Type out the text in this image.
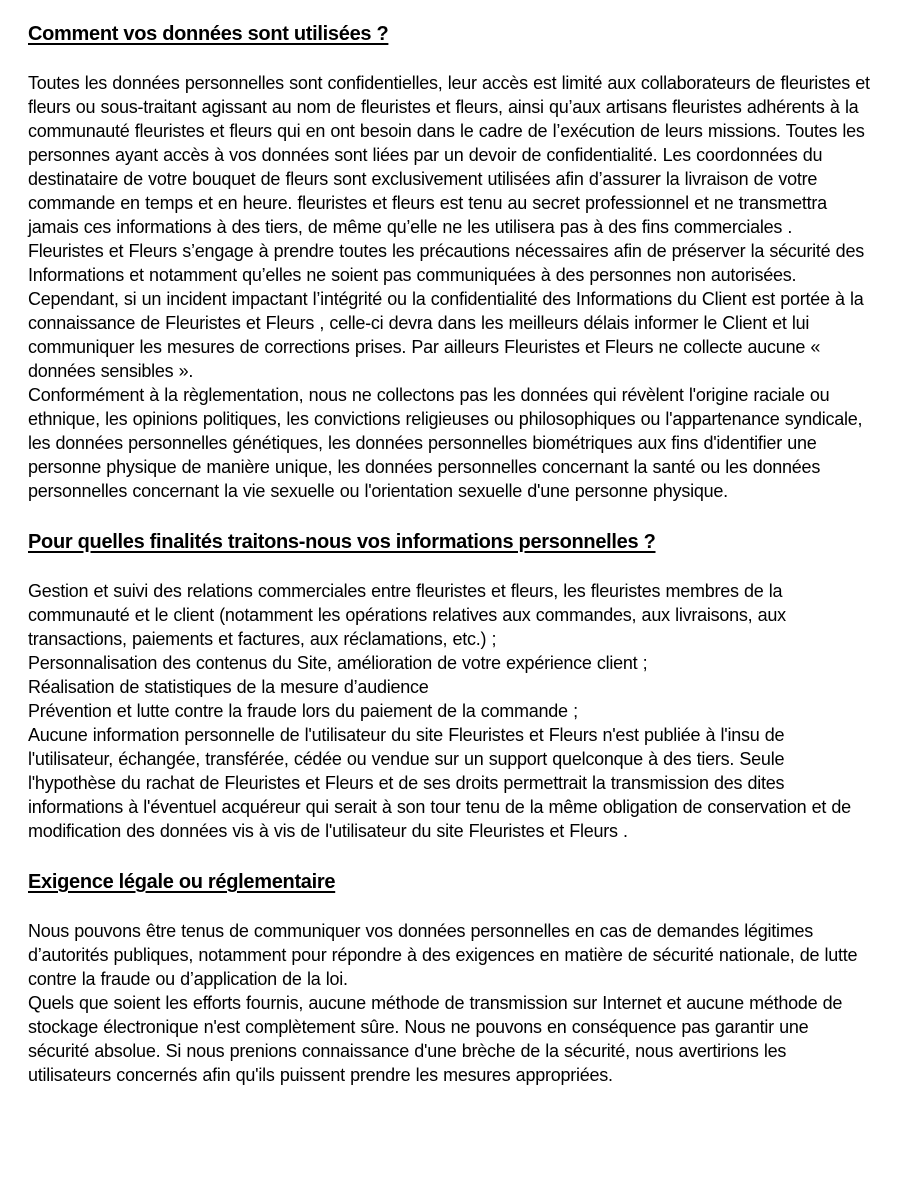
Comment vos données sont utilisées ?

Toutes les données personnelles sont confidentielles, leur accès est limité aux collaborateurs de fleuristes et fleurs ou sous-traitant agissant au nom de fleuristes et fleurs, ainsi qu’aux artisans fleuristes adhérents à la communauté fleuristes et fleurs qui en ont besoin dans le cadre de l’exécution de leurs missions. Toutes les personnes ayant accès à vos données sont liées par un devoir de confidentialité. Les coordonnées du destinataire de votre bouquet de fleurs sont exclusivement utilisées afin d’assurer la livraison de votre commande en temps et en heure. fleuristes et fleurs est tenu au secret professionnel et ne transmettra jamais ces informations à des tiers, de même qu’elle ne les utilisera pas à des fins commerciales .

Fleuristes et Fleurs s’engage à prendre toutes les précautions nécessaires afin de préserver la sécurité des Informations et notamment qu’elles ne soient pas communiquées à des personnes non autorisées. Cependant, si un incident impactant l’intégrité ou la confidentialité des Informations du Client est portée à la connaissance de Fleuristes et Fleurs , celle-ci devra dans les meilleurs délais informer le Client et lui communiquer les mesures de corrections prises. Par ailleurs Fleuristes et Fleurs ne collecte aucune « données sensibles ».

Conformément à la règlementation, nous ne collectons pas les données qui révèlent l'origine raciale ou ethnique, les opinions politiques, les convictions religieuses ou philosophiques ou l'appartenance syndicale, les données personnelles génétiques, les données personnelles biométriques aux fins d'identifier une personne physique de manière unique, les données personnelles concernant la santé ou les données personnelles concernant la vie sexuelle ou l'orientation sexuelle d'une personne physique.

Pour quelles finalités traitons-nous vos informations personnelles ?

Gestion et suivi des relations commerciales entre fleuristes et fleurs, les fleuristes membres de la communauté et le client (notamment les opérations relatives aux commandes, aux livraisons, aux transactions, paiements et factures, aux réclamations, etc.) ;

Personnalisation des contenus du Site, amélioration de votre expérience client ;

Réalisation de statistiques de la mesure d’audience

Prévention et lutte contre la fraude lors du paiement de la commande ;

Aucune information personnelle de l'utilisateur du site Fleuristes et Fleurs n'est publiée à l'insu de l'utilisateur, échangée, transférée, cédée ou vendue sur un support quelconque à des tiers. Seule l'hypothèse du rachat de Fleuristes et Fleurs et de ses droits permettrait la transmission des dites informations à l'éventuel acquéreur qui serait à son tour tenu de la même obligation de conservation et de modification des données vis à vis de l'utilisateur du site Fleuristes et Fleurs .

Exigence légale ou réglementaire

Nous pouvons être tenus de communiquer vos données personnelles en cas de demandes légitimes d’autorités publiques, notamment pour répondre à des exigences en matière de sécurité nationale, de lutte contre la fraude ou d’application de la loi.

Quels que soient les efforts fournis, aucune méthode de transmission sur Internet et aucune méthode de stockage électronique n'est complètement sûre. Nous ne pouvons en conséquence pas garantir une sécurité absolue. Si nous prenions connaissance d'une brèche de la sécurité, nous avertirions les utilisateurs concernés afin qu'ils puissent prendre les mesures appropriées.
